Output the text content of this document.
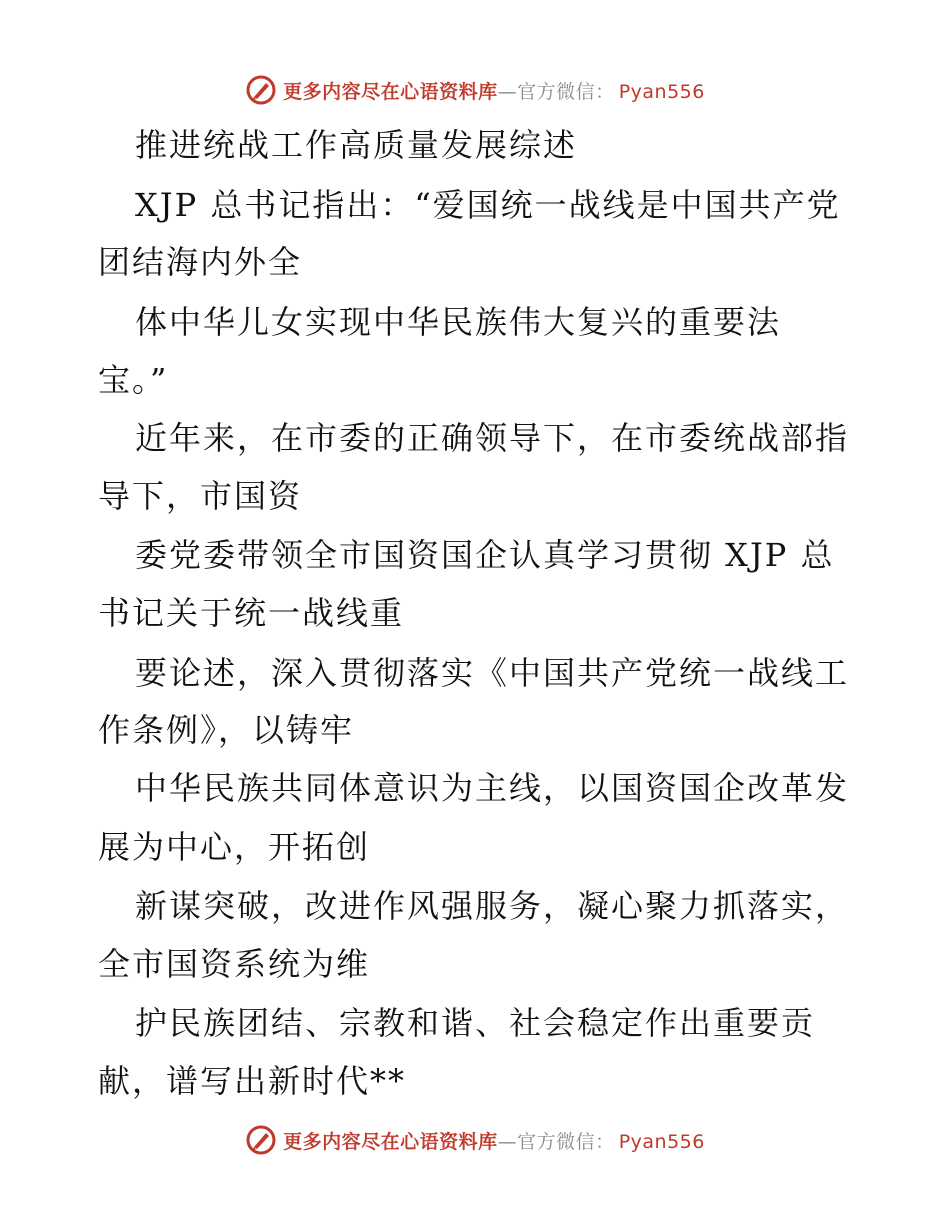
更多内容尽在心语资料库—官方微信： Pyan556
推进统战工作高质量发展综述
XJP 总书记指出：“爱国统一战线是中国共产党
团结海内外全
体中华儿女实现中华民族伟大复兴的重要法
宝。”
近年来，在市委的正确领导下，在市委统战部指
导下，市国资
委党委带领全市国资国企认真学习贯彻 XJP 总
书记关于统一战线重
要论述，深入贯彻落实《中国共产党统一战线工
作条例》，以铸牢
中华民族共同体意识为主线，以国资国企改革发
展为中心，开拓创
新谋突破，改进作风强服务，凝心聚力抓落实，
全市国资系统为维
护民族团结、宗教和谐、社会稳定作出重要贡
献，谱写出新时代**
更多内容尽在心语资料库—官方微信： Pyan556
